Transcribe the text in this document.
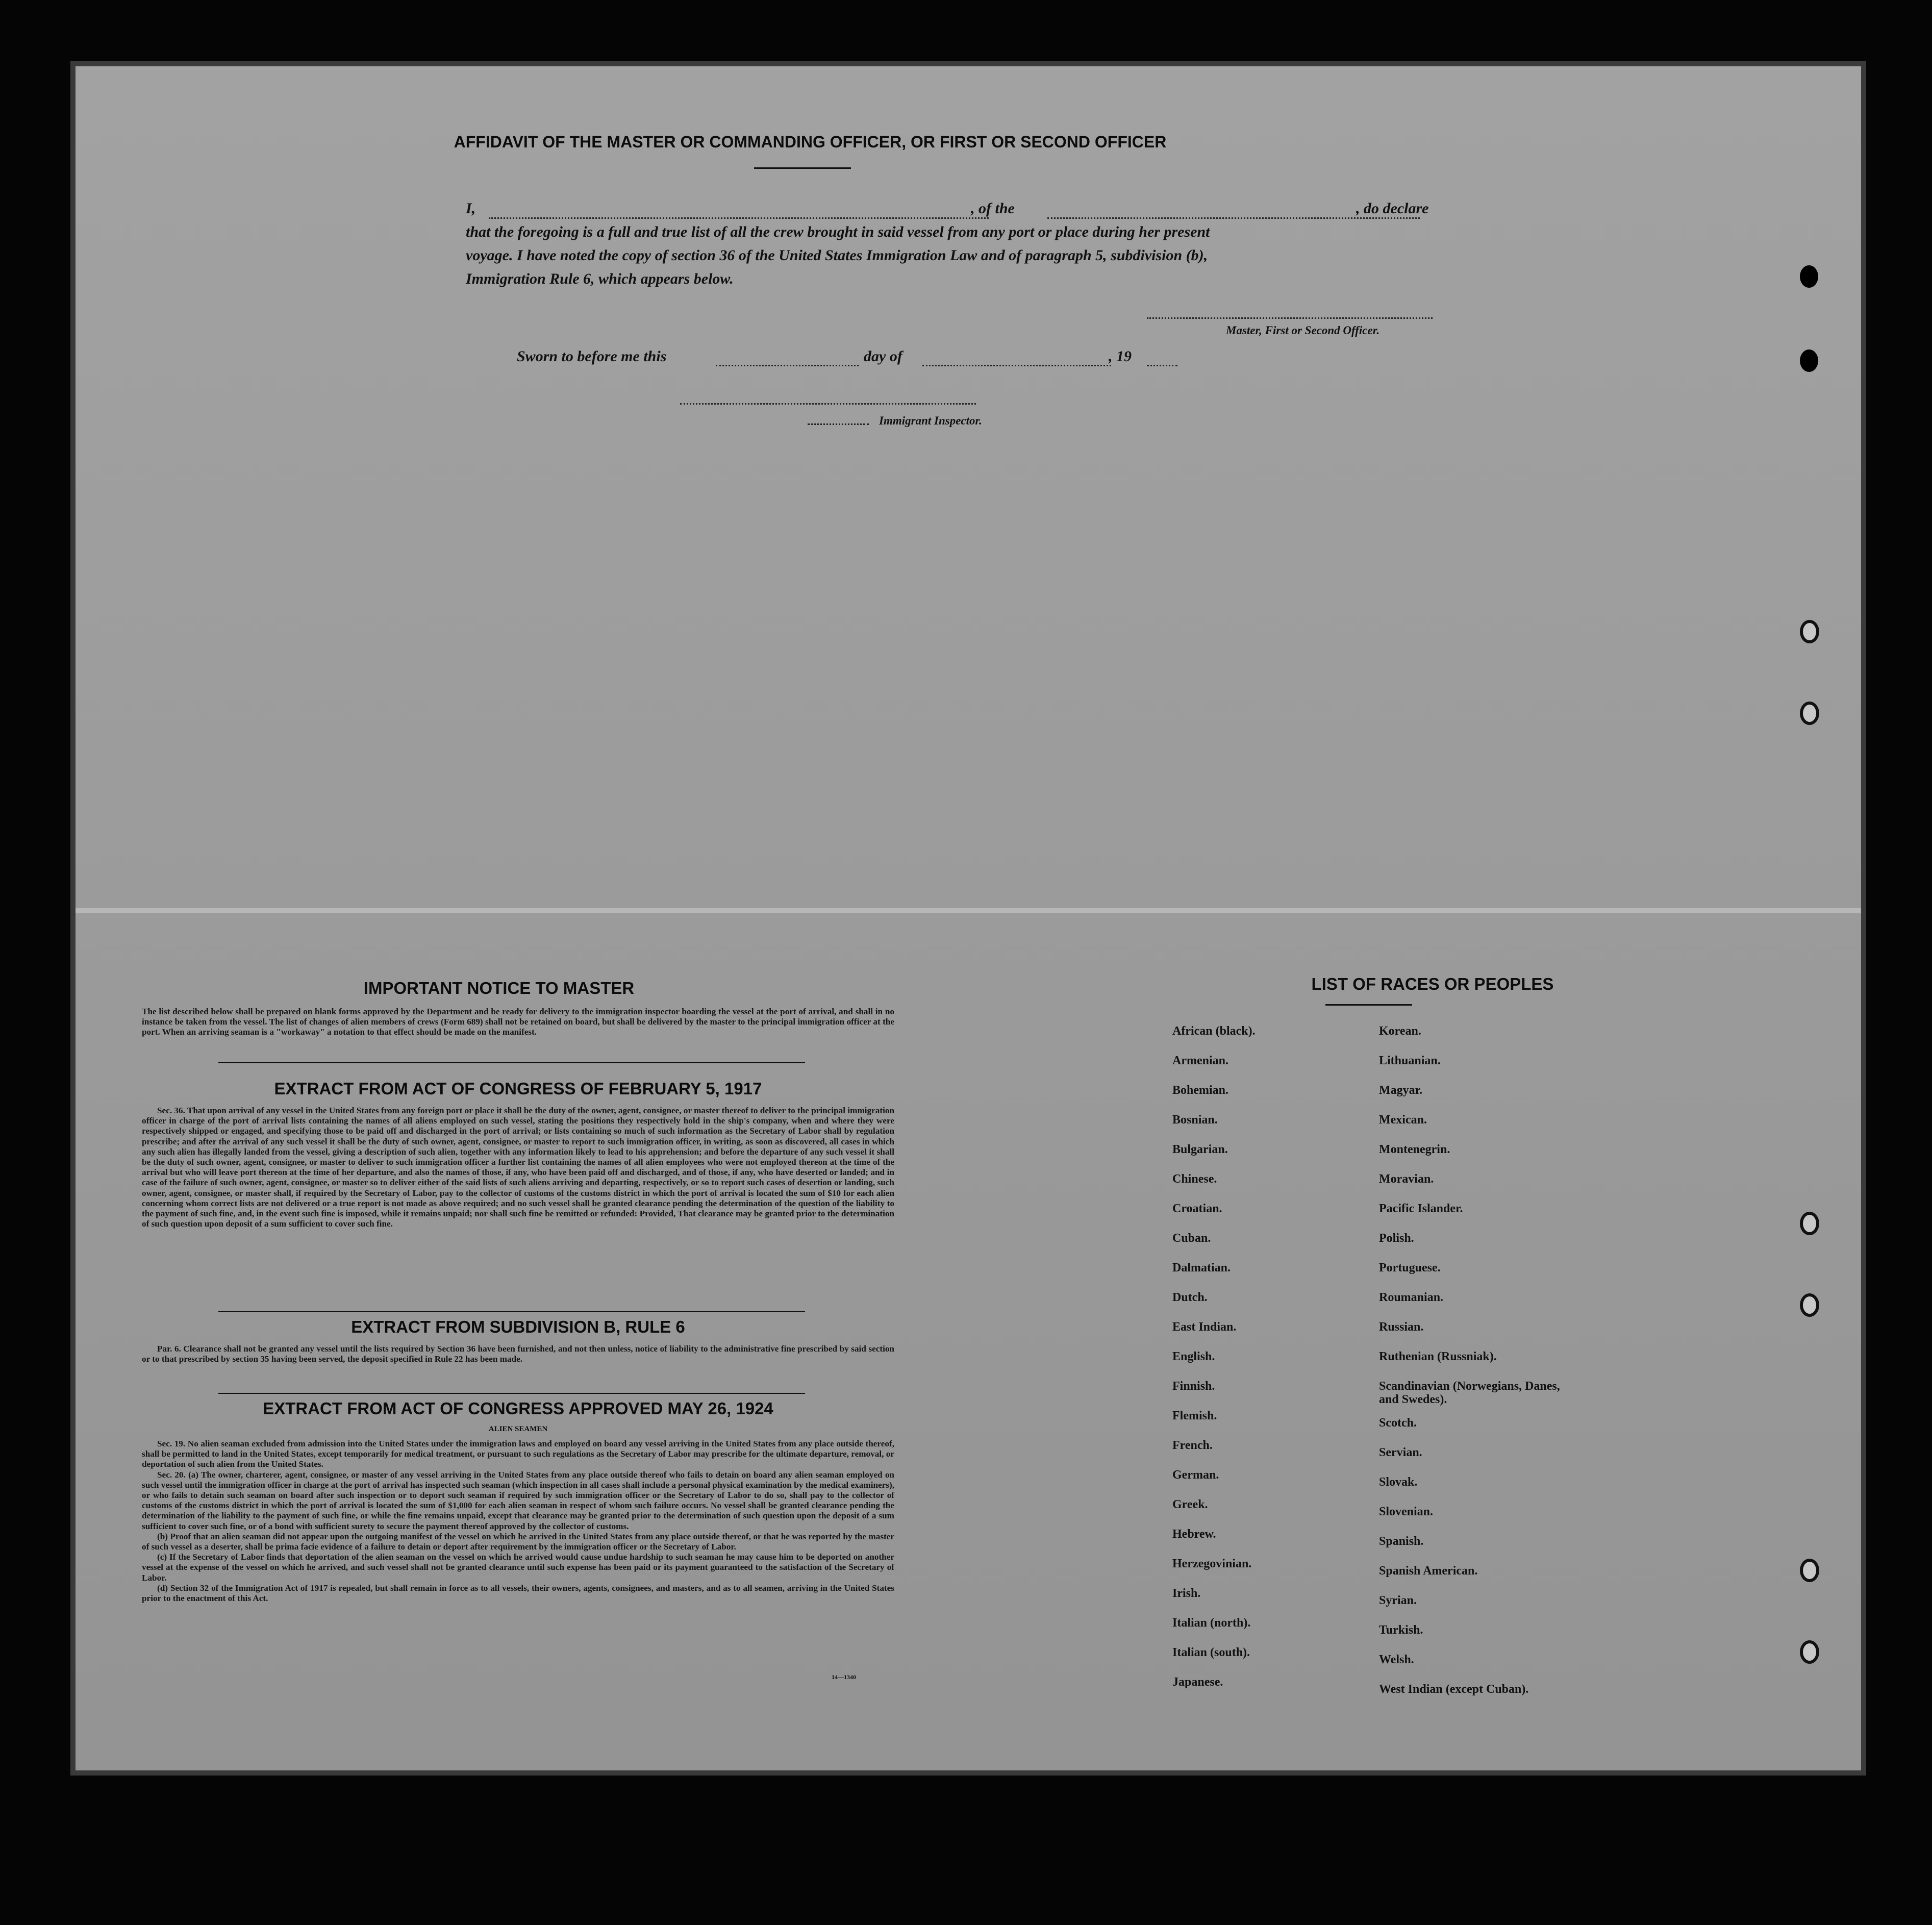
AFFIDAVIT OF THE MASTER OR COMMANDING OFFICER, OR FIRST OR SECOND OFFICER
I,	, of the	, do declare
that the foregoing is a full and true list of all the crew brought in said vessel from any port or place during her present
voyage. I have noted the copy of section 36 of the United States Immigration Law and of paragraph 5, subdivision (b),
Immigration Rule 6, which appears below.
Master, First or Second Officer.
Sworn to before me this	day of	, 19
Immigrant Inspector.
IMPORTANT NOTICE TO MASTER
The list described below shall be prepared on blank forms approved by the Department and be ready for delivery to the immigration inspector boarding the vessel at the port of arrival, and shall in no instance be taken from the vessel. The list of changes of alien members of crews (Form 689) shall not be retained on board, but shall be delivered by the master to the principal immigration officer at the port. When an arriving seaman is a "workaway" a notation to that effect should be made on the manifest.
EXTRACT FROM ACT OF CONGRESS OF FEBRUARY 5, 1917

Sec. 36. That upon arrival of any vessel in the United States from any foreign port or place it shall be the duty of the owner, agent, consignee, or master thereof to deliver to the principal immigration officer in charge of the port of arrival lists containing the names of all aliens employed on such vessel, stating the positions they respectively hold in the ship's company, when and where they were respectively shipped or engaged, and specifying those to be paid off and discharged in the port of arrival; or lists containing so much of such information as the Secretary of Labor shall by regulation prescribe; and after the arrival of any such vessel it shall be the duty of such owner, agent, consignee, or master to report to such immigration officer, in writing, as soon as discovered, all cases in which any such alien has illegally landed from the vessel, giving a description of such alien, together with any information likely to lead to his apprehension; and before the departure of any such vessel it shall be the duty of such owner, agent, consignee, or master to deliver to such immigration officer a further list containing the names of all alien employees who were not employed thereon at the time of the arrival but who will leave port thereon at the time of her departure, and also the names of those, if any, who have been paid off and discharged, and of those, if any, who have deserted or landed; and in case of the failure of such owner, agent, consignee, or master so to deliver either of the said lists of such aliens arriving and departing, respectively, or so to report such cases of desertion or landing, such owner, agent, consignee, or master shall, if required by the Secretary of Labor, pay to the collector of customs of the customs district in which the port of arrival is located the sum of $10 for each alien concerning whom correct lists are not delivered or a true report is not made as above required; and no such vessel shall be granted clearance pending the determination of the question of the liability to the payment of such fine, and, in the event such fine is imposed, while it remains unpaid; nor shall such fine be remitted or refunded: Provided, That clearance may be granted prior to the determination of such question upon deposit of a sum sufficient to cover such fine.

EXTRACT FROM SUBDIVISION B, RULE 6

Par. 6. Clearance shall not be granted any vessel until the lists required by Section 36 have been furnished, and not then unless, notice of liability to the administrative fine prescribed by said section or to that prescribed by section 35 having been served, the deposit specified in Rule 22 has been made.

EXTRACT FROM ACT OF CONGRESS APPROVED MAY 26, 1924
ALIEN SEAMEN

Sec. 19. No alien seaman excluded from admission into the United States under the immigration laws and employed on board any vessel arriving in the United States from any place outside thereof, shall be permitted to land in the United States, except temporarily for medical treatment, or pursuant to such regulations as the Secretary of Labor may prescribe for the ultimate departure, removal, or deportation of such alien from the United States.

Sec. 20. (a) The owner, charterer, agent, consignee, or master of any vessel arriving in the United States from any place outside thereof who fails to detain on board any alien seaman employed on such vessel until the immigration officer in charge at the port of arrival has inspected such seaman (which inspection in all cases shall include a personal physical examination by the medical examiners), or who fails to detain such seaman on board after such inspection or to deport such seaman if required by such immigration officer or the Secretary of Labor to do so, shall pay to the collector of customs of the customs district in which the port of arrival is located the sum of $1,000 for each alien seaman in respect of whom such failure occurs. No vessel shall be granted clearance pending the determination of the liability to the payment of such fine, or while the fine remains unpaid, except that clearance may be granted prior to the determination of such question upon the deposit of a sum sufficient to cover such fine, or of a bond with sufficient surety to secure the payment thereof approved by the collector of customs.

(b) Proof that an alien seaman did not appear upon the outgoing manifest of the vessel on which he arrived in the United States from any place outside thereof, or that he was reported by the master of such vessel as a deserter, shall be prima facie evidence of a failure to detain or deport after requirement by the immigration officer or the Secretary of Labor.

(c) If the Secretary of Labor finds that deportation of the alien seaman on the vessel on which he arrived would cause undue hardship to such seaman he may cause him to be deported on another vessel at the expense of the vessel on which he arrived, and such vessel shall not be granted clearance until such expense has been paid or its payment guaranteed to the satisfaction of the Secretary of Labor.

(d) Section 32 of the Immigration Act of 1917 is repealed, but shall remain in force as to all vessels, their owners, agents, consignees, and masters, and as to all seamen, arriving in the United States prior to the enactment of this Act.

14—1340
LIST OF RACES OR PEOPLES
African (black).
Armenian.
Bohemian.
Bosnian.
Bulgarian.
Chinese.
Croatian.
Cuban.
Dalmatian.
Dutch.
East Indian.
English.
Finnish.
Flemish.
French.
German.
Greek.
Hebrew.
Herzegovinian.
Irish.
Italian (north).
Italian (south).
Japanese.
Korean.
Lithuanian.
Magyar.
Mexican.
Montenegrin.
Moravian.
Pacific Islander.
Polish.
Portuguese.
Roumanian.
Russian.
Ruthenian (Russniak).
Scandinavian (Norwegians, Danes, and Swedes).
Scotch.
Servian.
Slovak.
Slovenian.
Spanish.
Spanish American.
Syrian.
Turkish.
Welsh.
West Indian (except Cuban).
